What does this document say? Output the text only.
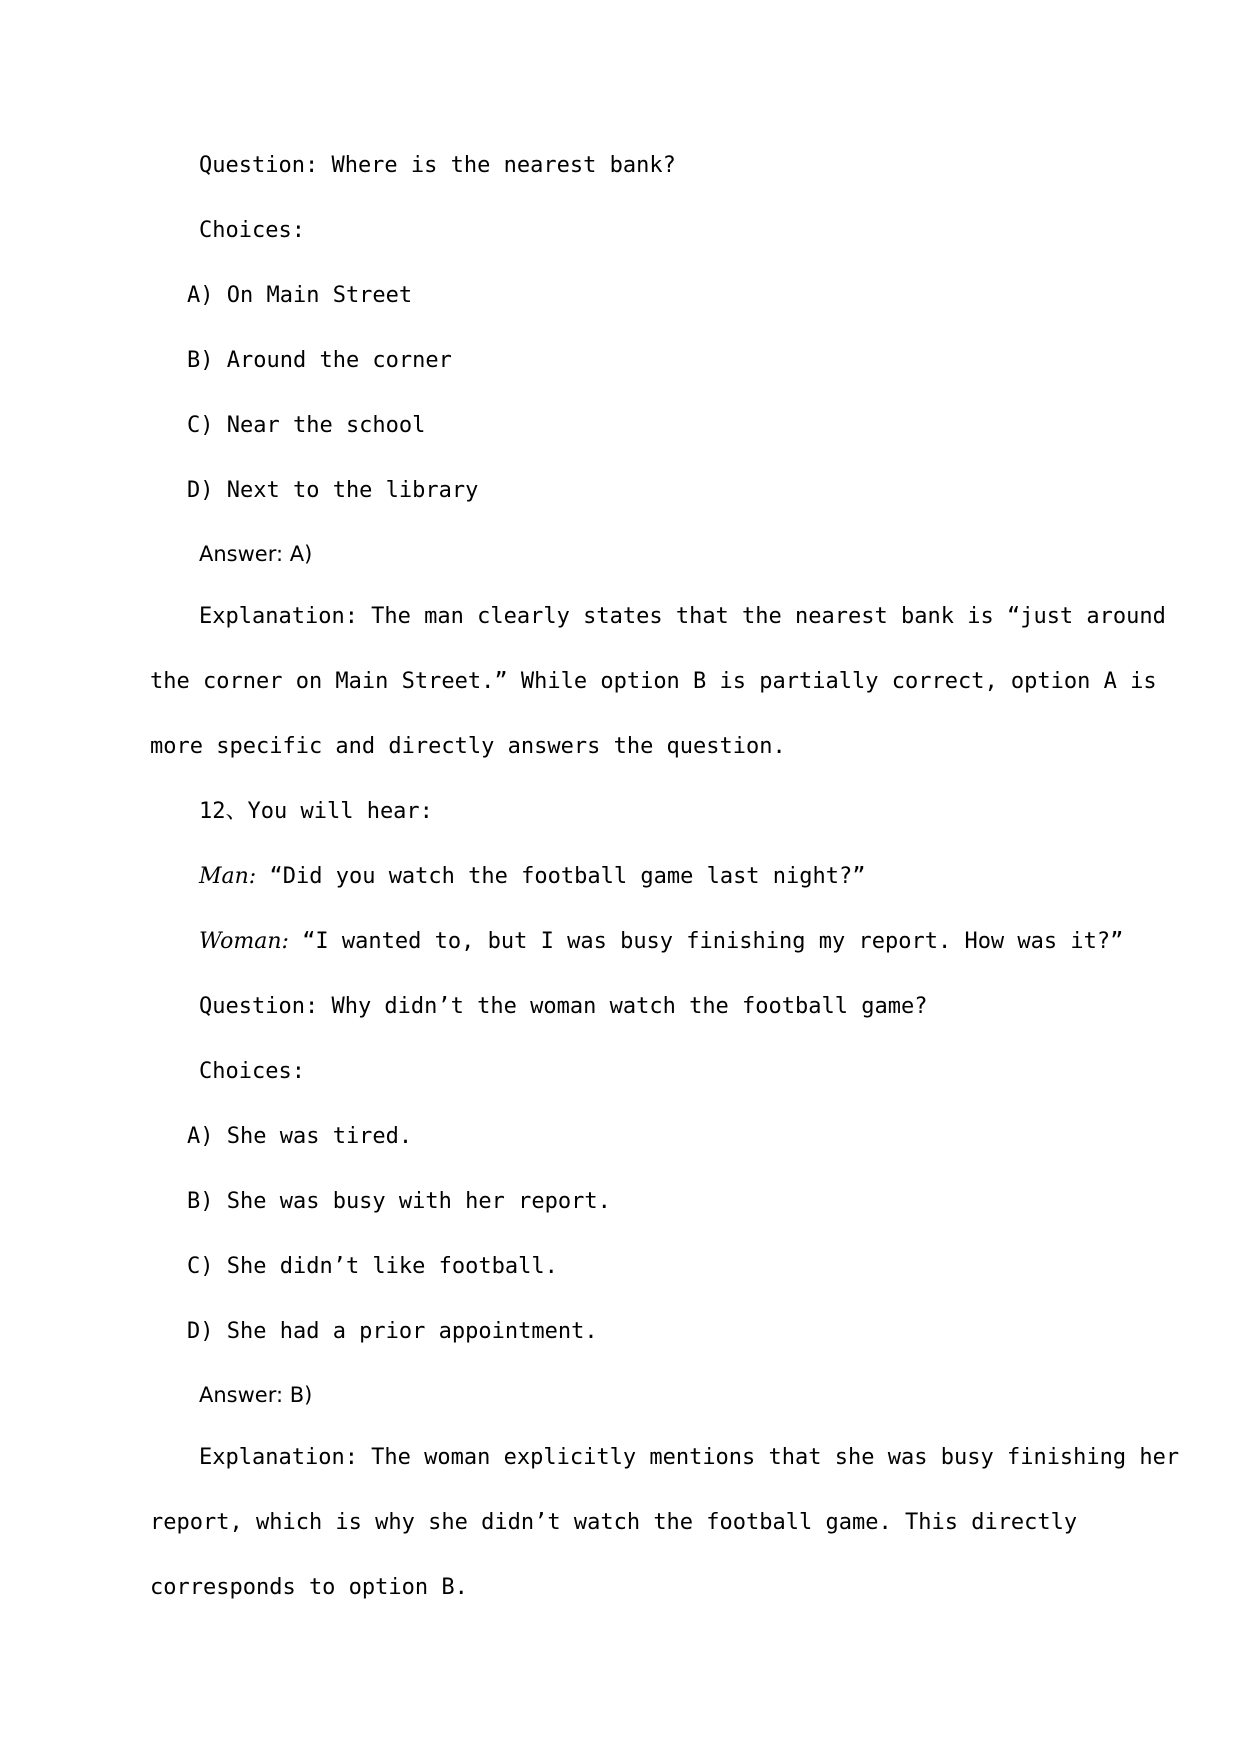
Question: Where is the nearest bank?
Choices:
A) On Main Street
B) Around the corner
C) Near the school
D) Next to the library
Answer: A)
Explanation: The man clearly states that the nearest bank is “just around
the corner on Main Street.” While option B is partially correct, option A is
more specific and directly answers the question.
12、You will hear:
Man: “Did you watch the football game last night?”
Woman: “I wanted to, but I was busy finishing my report. How was it?”
Question: Why didn’t the woman watch the football game?
Choices:
A) She was tired.
B) She was busy with her report.
C) She didn’t like football.
D) She had a prior appointment.
Answer: B)
Explanation: The woman explicitly mentions that she was busy finishing her
report, which is why she didn’t watch the football game. This directly
corresponds to option B.
